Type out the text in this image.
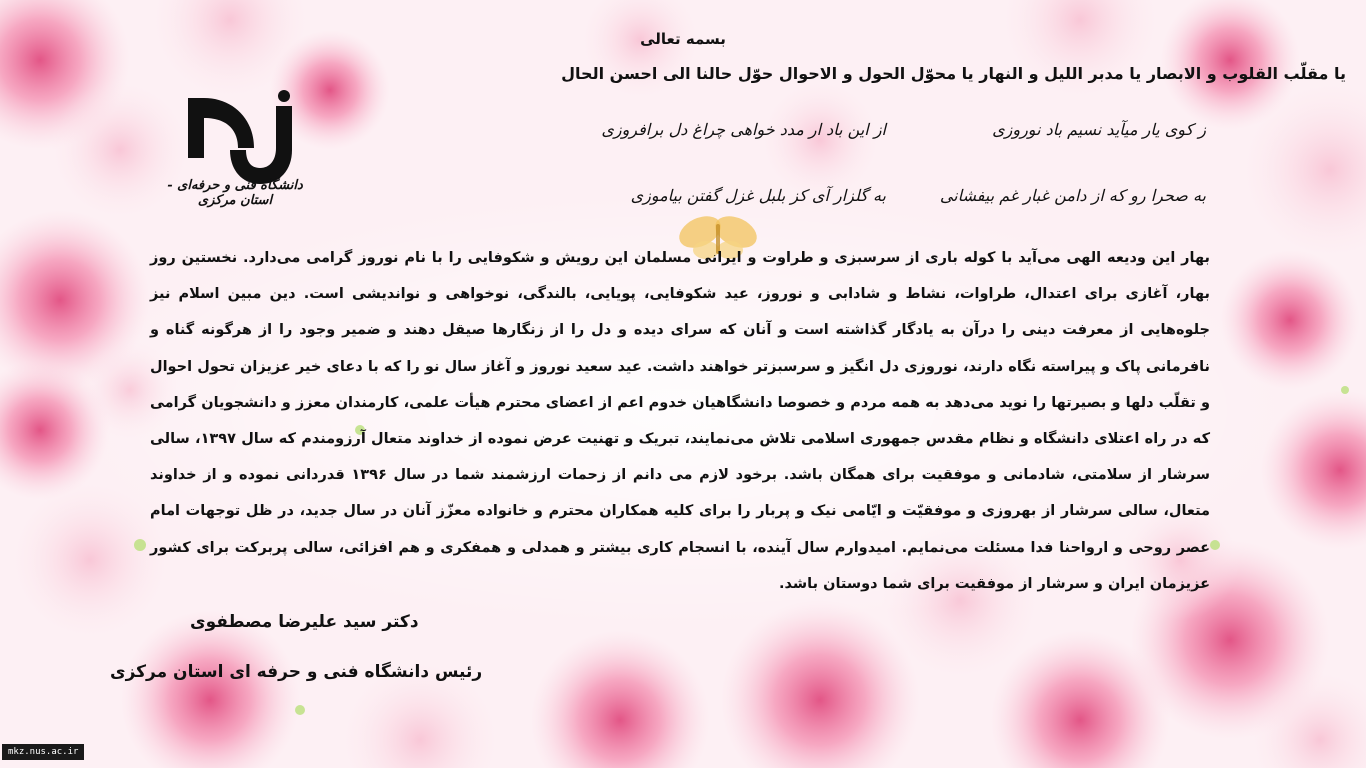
بسمه تعالی
یا مقلّب القلوب و الابصار یا مدبر اللیل و النهار یا محوّل الحول و الاحوال حوّل حالنا الی احسن الحال
ز کوی یار میآید نسیم باد نوروزی
از این باد ار مدد خواهی چراغ دل برافروزی
به صحرا رو که از دامن غبار غم بیفشانی
به گلزار آی کز بلبل غزل گفتن بیاموزی
دانشگاه فنی و حرفه‌ای - استان مرکزی
بهار این ودیعه الهی می‌آید با کوله باری از سرسبزی و طراوت و ایرانی مسلمان این رویش و شکوفایی را با نام نوروز گرامی می‌دارد. نخستین روز بهار، آغازی برای اعتدال، طراوات، نشاط و شادابی و نوروز، عید شکوفایی، پویایی، بالندگی، نوخواهی و نواندیشی است. دین مبین اسلام نیز جلوه‌هایی از معرفت دینی را درآن به یادگار گذاشته است و آنان که سرای دیده و دل را از زنگارها صیقل دهند و ضمیر وجود را از هرگونه گناه و نافرمانی پاک و پیراسته نگاه دارند، نوروزی دل انگیز و سرسبزتر خواهند داشت. عید سعید نوروز و آغاز سال نو را که با دعای خیر عزیزان تحول احوال و تقلّب دلها و بصیرتها را نوید می‌دهد به همه مردم و خصوصا دانشگاهیان خدوم اعم از اعضای محترم هیأت علمی، کارمندان معزز و دانشجویان گرامی که در راه اعتلای دانشگاه و نظام مقدس جمهوری اسلامی تلاش می‌نمایند، تبریک و تهنیت عرض نموده از خداوند متعال آرزومندم که سال ۱۳۹۷، سالی سرشار از سلامتی، شادمانی و موفقیت برای همگان باشد. برخود لازم می دانم از زحمات ارزشمند شما در سال ۱۳۹۶ قدردانی نموده و از خداوند متعال، سالی سرشار از بهروزی و موفقیّت و ایّامی نیک و پربار را برای کلیه همکاران محترم و خانواده معزّز آنان در سال جدید، در ظل توجهات امام عصر روحی و ارواحنا فدا مسئلت می‌نمایم. امیدوارم سال آینده، با انسجام کاری بیشتر و همدلی و همفکری و هم افزائی، سالی پربرکت برای کشور عزیزمان ایران و سرشار از موفقیت برای شما دوستان باشد.
دکتر سید علیرضا مصطفوی
رئیس دانشگاه فنی و حرفه ای استان مرکزی
mkz.nus.ac.ir
